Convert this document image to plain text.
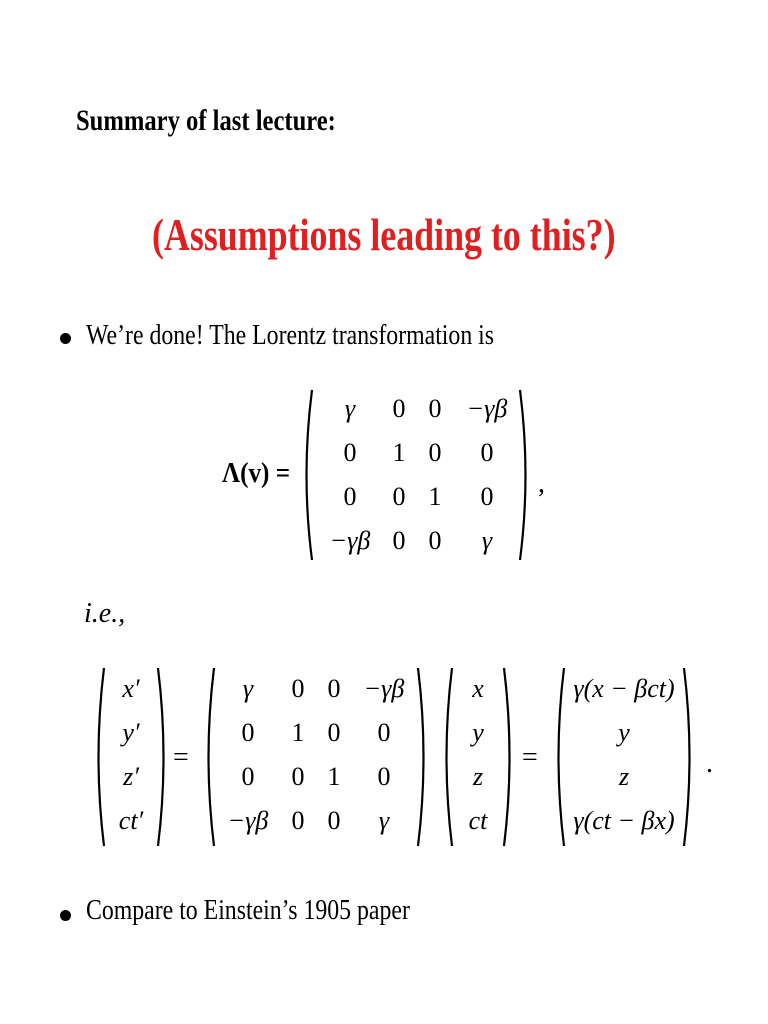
Summary of last lecture:
(Assumptions leading to this?)
We’re done! The Lorentz transformation is
Λ(v) =
γ 0 0 −γβ
0 1 0 0
0 0 1 0
−γβ 0 0 γ
,
i.e.,
x′
y′
z′
ct′
=
γ 0 0 −γβ
0 1 0 0
0 0 1 0
−γβ 0 0 γ
x
y
z
ct
=
γ(x − βct)
y
z
γ(ct − βx)
.
Compare to Einstein’s 1905 paper
